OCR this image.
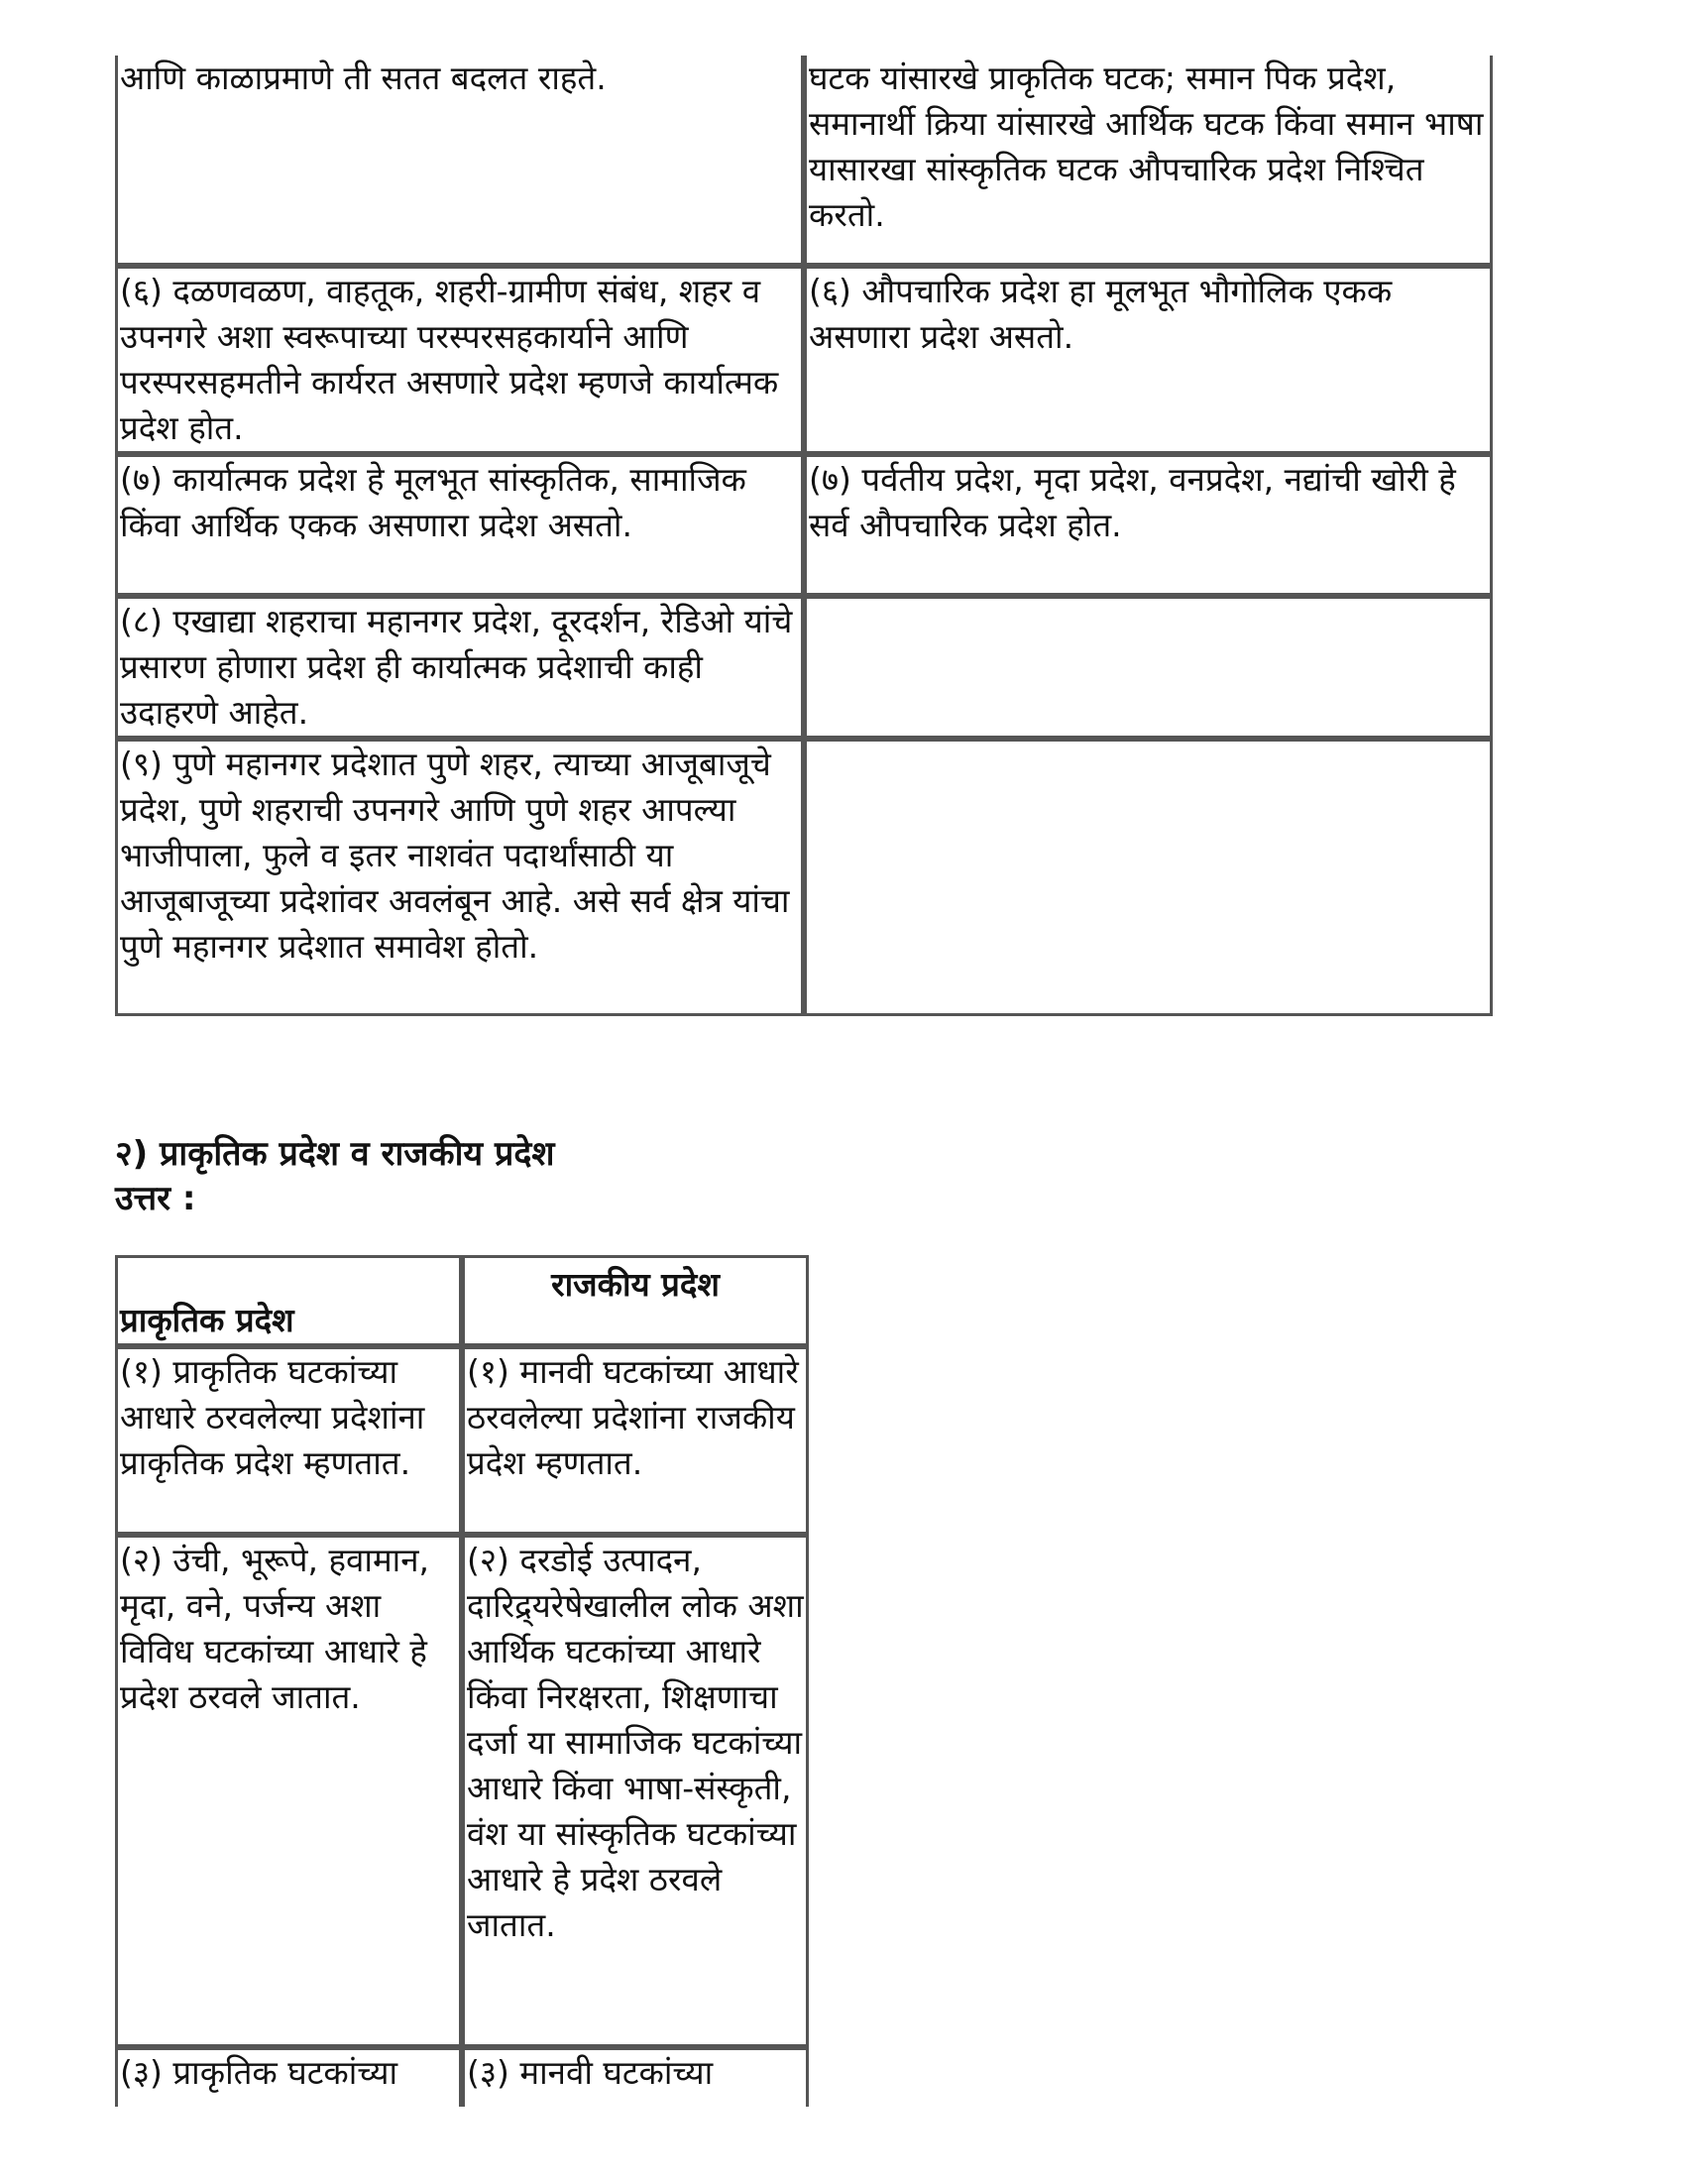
आणि काळाप्रमाणे ती सतत बदलत राहते.	घटक यांसारखे प्राकृतिक घटक; समान पिक प्रदेश, समानार्थी क्रिया यांसारखे आर्थिक घटक किंवा समान भाषा यासारखा सांस्कृतिक घटक औपचारिक प्रदेश निश्चित करतो.
(६) दळणवळण, वाहतूक, शहरी-ग्रामीण संबंध, शहर व उपनगरे अशा स्वरूपाच्या परस्परसहकार्याने आणि परस्परसहमतीने कार्यरत असणारे प्रदेश म्हणजे कार्यात्मक प्रदेश होत.	(६) औपचारिक प्रदेश हा मूलभूत भौगोलिक एकक असणारा प्रदेश असतो.
(७) कार्यात्मक प्रदेश हे मूलभूत सांस्कृतिक, सामाजिक किंवा आर्थिक एकक असणारा प्रदेश असतो.	(७) पर्वतीय प्रदेश, मृदा प्रदेश, वनप्रदेश, नद्यांची खोरी हे सर्व औपचारिक प्रदेश होत.
(८) एखाद्या शहराचा महानगर प्रदेश, दूरदर्शन, रेडिओ यांचे प्रसारण होणारा प्रदेश ही कार्यात्मक प्रदेशाची काही उदाहरणे आहेत.	
(९) पुणे महानगर प्रदेशात पुणे शहर, त्याच्या आजूबाजूचे प्रदेश, पुणे शहराची उपनगरे आणि पुणे शहर आपल्या भाजीपाला, फुले व इतर नाशवंत पदार्थांसाठी या आजूबाजूच्या प्रदेशांवर अवलंबून आहे. असे सर्व क्षेत्र यांचा पुणे महानगर प्रदेशात समावेश होतो.	
२) प्राकृतिक प्रदेश व राजकीय प्रदेश
उत्तर :
प्राकृतिक प्रदेश	राजकीय प्रदेश
(१) प्राकृतिक घटकांच्या आधारे ठरवलेल्या प्रदेशांना प्राकृतिक प्रदेश म्हणतात.	(१) मानवी घटकांच्या आधारे ठरवलेल्या प्रदेशांना राजकीय प्रदेश म्हणतात.
(२) उंची, भूरूपे, हवामान, मृदा, वने, पर्जन्य अशा विविध घटकांच्या आधारे हे प्रदेश ठरवले जातात.	(२) दरडोई उत्पादन, दारिद्र्यरेषेखालील लोक अशा आर्थिक घटकांच्या आधारे किंवा निरक्षरता, शिक्षणाचा दर्जा या सामाजिक घटकांच्या आधारे किंवा भाषा-संस्कृती, वंश या सांस्कृतिक घटकांच्या आधारे हे प्रदेश ठरवले जातात.
(३) प्राकृतिक घटकांच्या	(३) मानवी घटकांच्या
